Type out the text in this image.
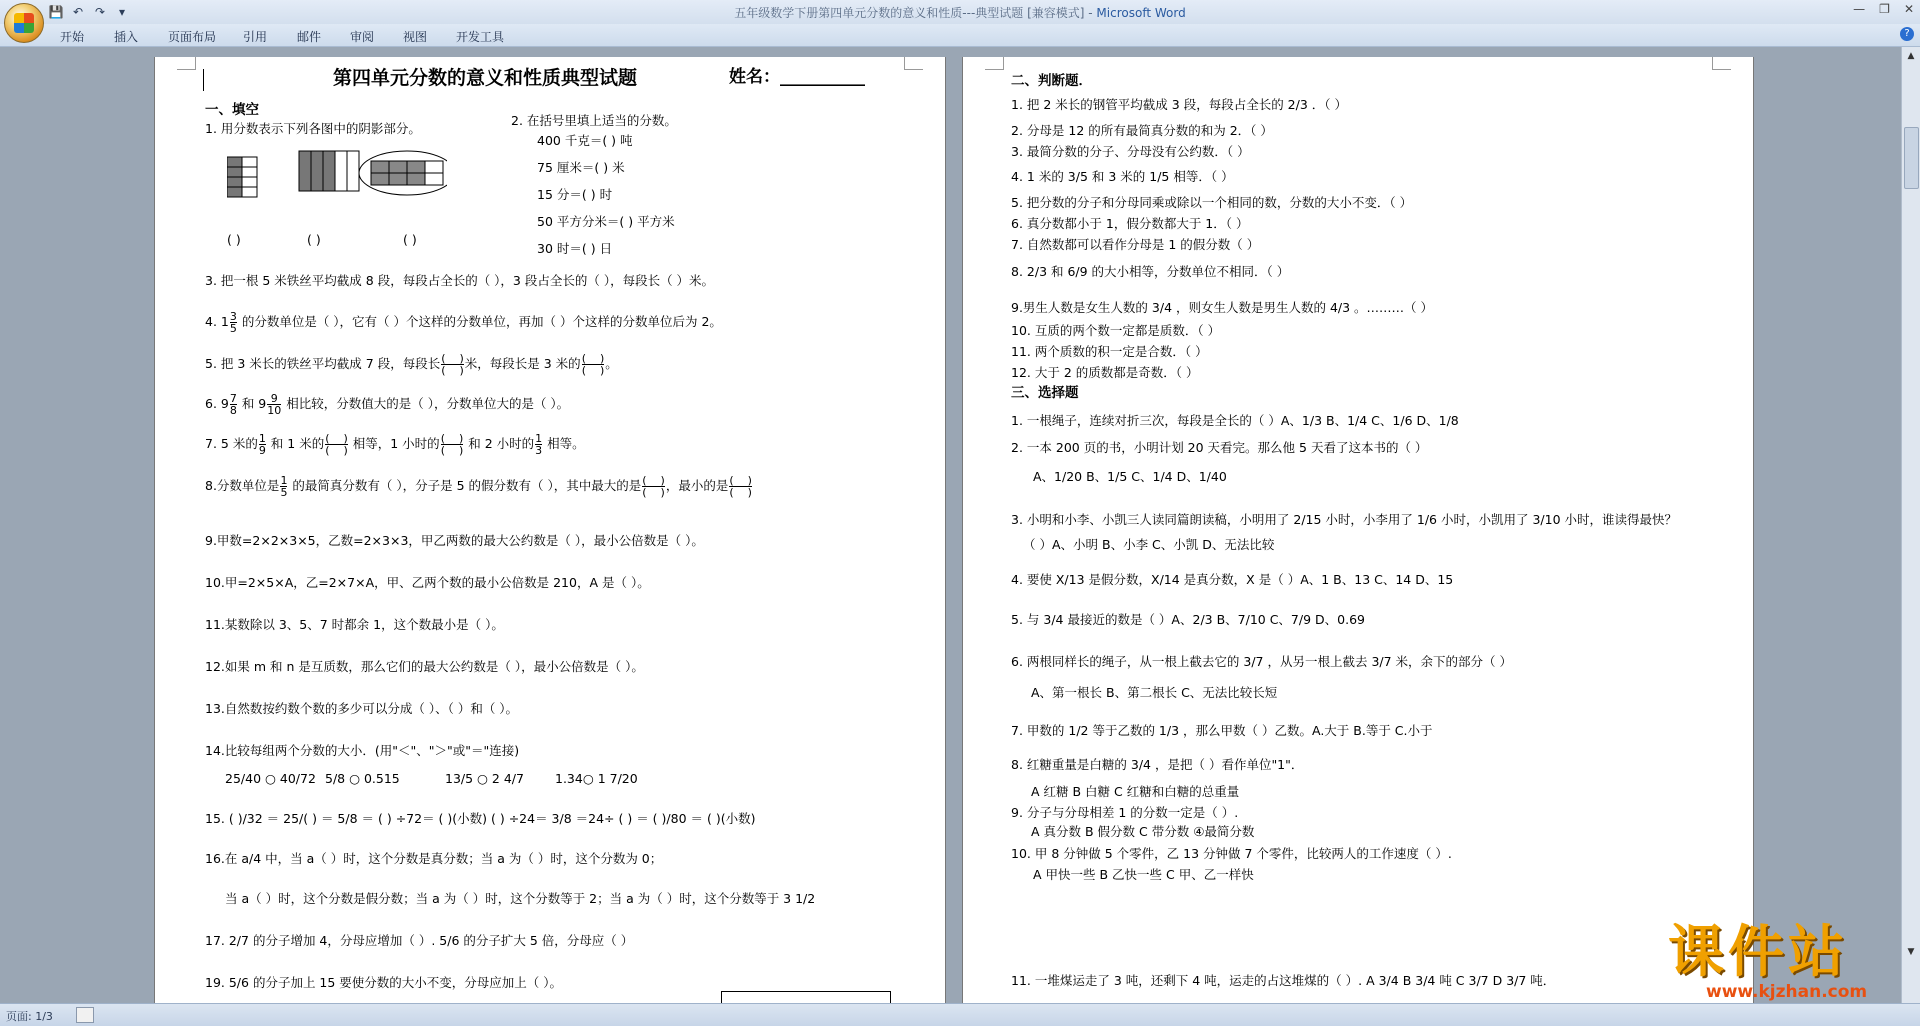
💾 ↶ ↷	▾	五年级数学下册第四单元分数的意义和性质---典型试题 [兼容模式] - Microsoft Word	— ❐ ✕
开始 插入 页面布局 引用 邮件 审阅 视图 开发工具	?
第四单元分数的意义和性质典型试题	姓名：__________
一、填空
1. 用分数表示下列各图中的阴影部分。
( )	( )	( )
2. 在括号里填上适当的分数。
400 千克＝( ) 吨
75 厘米＝( ) 米
15 分＝( ) 时
50 平方分米＝( ) 平方米
30 时＝( ) 日
3. 把一根 5 米铁丝平均截成 8 段，每段占全长的（ ），3 段占全长的（ ），每段长（ ）米。
4. $1 \frac{3}{5}$ 的分数单位是（ ），它有（ ）个这样的分数单位，再加（ ）个这样的分数单位后为 2。
5. 把 3 米长的铁丝平均截成 7 段，每段长 $\frac{( )}{( )}$ 米，每段长是 3 米的 $\frac{( )}{( )}$ 。
6. $9 \frac{7}{8}$ 和 $9 \frac{9}{10}$ 相比较，分数值大的是（ ），分数单位大的是（ ）。
7. 5 米的 $\frac{1}{9}$ 和 1 米的 $\frac{( )}{( )}$ 相等，1 小时的 $\frac{( )}{( )}$ 和 2 小时的 $\frac{1}{3}$ 相等。
8.分数单位是 $\frac{1}{5}$ 的最简真分数有（ ），分子是 5 的假分数有（ ），其中最大的是 $\frac{( )}{( )}$ ，最小的是 $\frac{( )}{( )}$
9.甲数=2×2×3×5，乙数=2×3×3，甲乙两数的最大公约数是（ ），最小公倍数是（ ）。
10.甲=2×5×A，乙=2×7×A，甲、乙两个数的最小公倍数是 210，A 是（ ）。
11.某数除以 3、5、7 时都余 1，这个数最小是（ ）。
12.如果 m 和 n 是互质数，那么它们的最大公约数是（ ），最小公倍数是（ ）。
13.自然数按约数个数的多少可以分成（ ）、（ ）和（ ）。
14.比较每组两个分数的大小．(用"＜"、"＞"或"＝"连接)
25/40 ○ 40/72 5/8 ○ 0.515	13/5 ○ 2 4/7 1.34○ 1 7/20
15. ( )/32 ＝ 25/( ) ＝ 5/8 ＝ ( ) ÷72＝ ( )(小数) ( ) ÷24＝ 3/8 ＝24÷ ( ) ＝ ( )/80 ＝ ( )(小数)
16.在 a/4 中，当 a（ ）时，这个分数是真分数；当 a 为（ ）时，这个分数为 0；
当 a（ ）时，这个分数是假分数；当 a 为（ ）时，这个分数等于 2；当 a 为（ ）时，这个分数等于 3 1/2
17. 2/7 的分子增加 4，分母应增加（ ）. 5/6 的分子扩大 5 倍，分母应（ ）
19. 5/6 的分子加上 15 要使分数的大小不变，分母应加上（ ）。
二、判断题．
1. 把 2 米长的钢管平均截成 3 段，每段占全长的 2/3 ．（ ）
2. 分母是 12 的所有最简真分数的和为 2．（ ）
3. 最简分数的分子、分母没有公约数．（ ）
4. 1 米的 3/5 和 3 米的 1/5 相等．（ ）
5. 把分数的分子和分母同乘或除以一个相同的数，分数的大小不变．（ ）
6. 真分数都小于 1，假分数都大于 1．（ ）
7. 自然数都可以看作分母是 1 的假分数（ ）
8. 2/3 和 6/9 的大小相等，分数单位不相同．（ ）
9.男生人数是女生人数的 3/4 ，则女生人数是男生人数的 4/3 。………（ ）
10. 互质的两个数一定都是质数．（ ）
11. 两个质数的积一定是合数．（ ）
12. 大于 2 的质数都是奇数．（ ）
三、选择题
1. 一根绳子，连续对折三次，每段是全长的（ ）A、1/3 B、1/4 C、1/6 D、1/8
2. 一本 200 页的书，小明计划 20 天看完。那么他 5 天看了这本书的（ ）
A、1/20 B、1/5 C、1/4 D、1/40
3. 小明和小李、小凯三人读同篇朗读稿，小明用了 2/15 小时，小李用了 1/6 小时，小凯用了 3/10 小时，谁读得最快？
（ ）A、小明 B、小李 C、小凯 D、无法比较
4. 要使 X/13 是假分数，X/14 是真分数，X 是（ ）A、1 B、13 C、14 D、15
5. 与 3/4 最接近的数是（ ）A、2/3 B、7/10 C、7/9 D、0.69
6. 两根同样长的绳子，从一根上截去它的 3/7 ，从另一根上截去 3/7 米，余下的部分（ ）
A、第一根长 B、第二根长 C、无法比较长短
7. 甲数的 1/2 等于乙数的 1/3 ，那么甲数（ ）乙数。A.大于 B.等于 C.小于
8. 红糖重量是白糖的 3/4 ，是把（ ）看作单位"1"．
A 红糖 B 白糖 C 红糖和白糖的总重量
9. 分子与分母相差 1 的分数一定是（ ）.
A 真分数 B 假分数 C 带分数 ④最简分数
10. 甲 8 分钟做 5 个零件，乙 13 分钟做 7 个零件，比较两人的工作速度（ ）.
A 甲快一些 B 乙快一些 C 甲、乙一样快
11. 一堆煤运走了 3 吨，还剩下 4 吨，运走的占这堆煤的（ ）. A 3/4 B 3/4 吨 C 3/7 D 3/7 吨．
▲
▼
页面: 1/3
课件站
www.kjzhan.com
